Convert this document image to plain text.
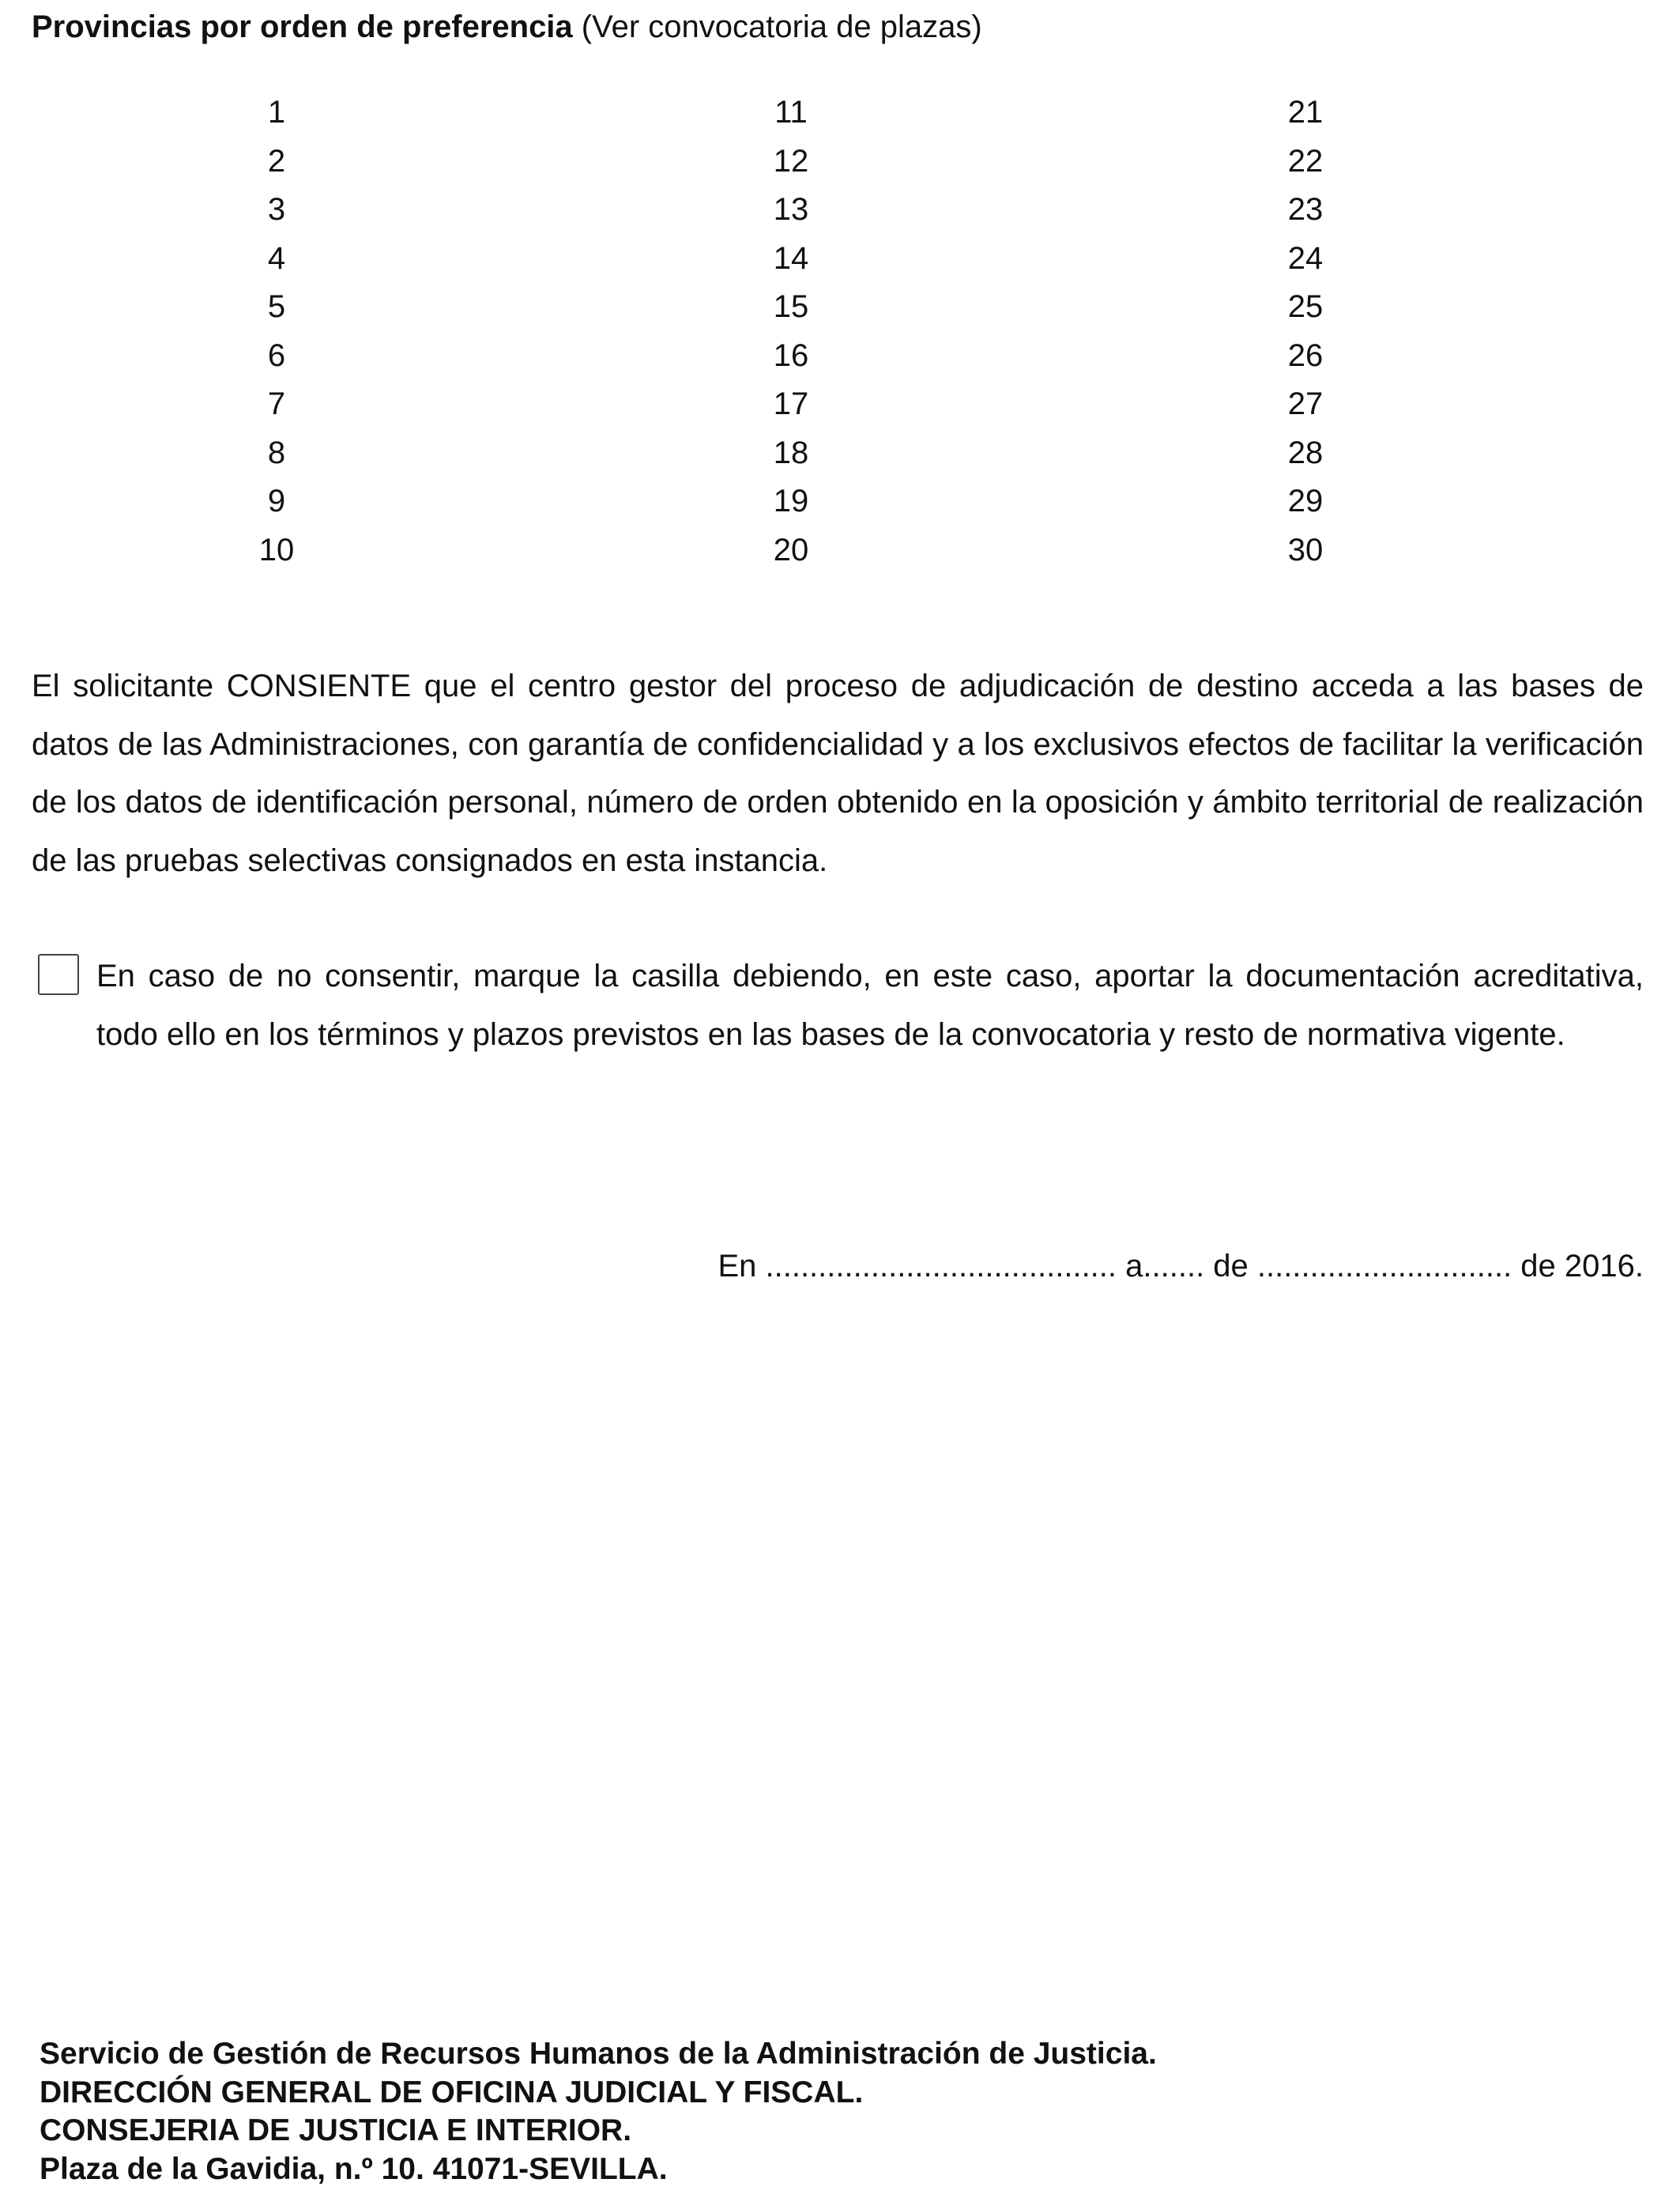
Provincias por orden de preferencia (Ver convocatoria de plazas)
1
2
3
4
5
6
7
8
9
10
11
12
13
14
15
16
17
18
19
20
21
22
23
24
25
26
27
28
29
30

El solicitante CONSIENTE que el centro gestor del proceso de adjudicación de destino acceda a las bases de datos de las Administraciones, con garantía de confidencialidad y a los exclusivos efectos de facilitar la verificación de los datos de identificación personal, número de orden obtenido en la oposición y ámbito territorial de realización de las pruebas selectivas consignados en esta instancia.

En caso de no consentir, marque la casilla debiendo, en este caso, aportar la documentación acreditativa, todo ello en los términos y plazos previstos en las bases de la convocatoria y resto de normativa vigente.

En ........................................ a....... de ............................. de 2016.
Servicio de Gestión de Recursos Humanos de la Administración de Justicia.
DIRECCIÓN GENERAL DE OFICINA JUDICIAL Y FISCAL.
CONSEJERIA DE JUSTICIA E INTERIOR.
Plaza de la Gavidia, n.º 10. 41071-SEVILLA.
